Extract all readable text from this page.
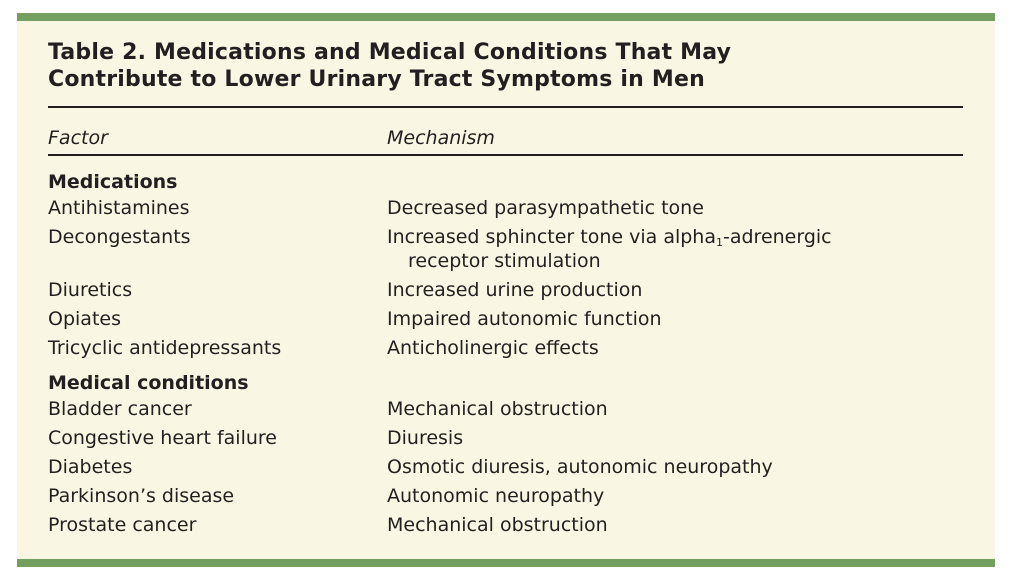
Table 2. Medications and Medical Conditions That May
Contribute to Lower Urinary Tract Symptoms in Men
Factor	Mechanism
Medications
Antihistamines	Decreased parasympathetic tone
Decongestants	Increased sphincter tone via alpha$_1$-adrenergic
receptor stimulation
Diuretics	Increased urine production
Opiates	Impaired autonomic function
Tricyclic antidepressants	Anticholinergic effects
Medical conditions
Bladder cancer	Mechanical obstruction
Congestive heart failure	Diuresis
Diabetes	Osmotic diuresis, autonomic neuropathy
Parkinson’s disease	Autonomic neuropathy
Prostate cancer	Mechanical obstruction
